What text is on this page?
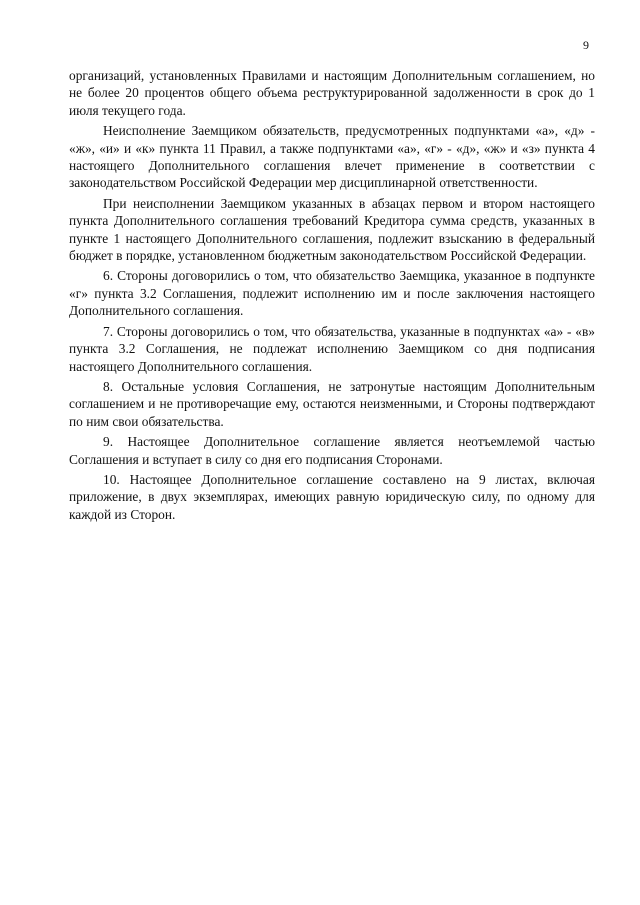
9

организаций, установленных Правилами и настоящим Дополнительным соглашением, но не более 20 процентов общего объема реструктурированной задолженности в срок до 1 июля текущего года.

Неисполнение Заемщиком обязательств, предусмотренных подпунктами «а», «д» - «ж», «и» и «к» пункта 11 Правил, а также подпунктами «а», «г» - «д», «ж» и «з» пункта 4 настоящего Дополнительного соглашения влечет применение в соответствии с законодательством Российской Федерации мер дисциплинарной ответственности.

При неисполнении Заемщиком указанных в абзацах первом и втором настоящего пункта Дополнительного соглашения требований Кредитора сумма средств, указанных в пункте 1 настоящего Дополнительного соглашения, подлежит взысканию в федеральный бюджет в порядке, установленном бюджетным законодательством Российской Федерации.

6. Стороны договорились о том, что обязательство Заемщика, указанное в подпункте «г» пункта 3.2 Соглашения, подлежит исполнению им и после заключения настоящего Дополнительного соглашения.

7. Стороны договорились о том, что обязательства, указанные в подпунктах «а» - «в» пункта 3.2 Соглашения, не подлежат исполнению Заемщиком со дня подписания настоящего Дополнительного соглашения.

8. Остальные условия Соглашения, не затронутые настоящим Дополнительным соглашением и не противоречащие ему, остаются неизменными, и Стороны подтверждают по ним свои обязательства.

9. Настоящее Дополнительное соглашение является неотъемлемой частью Соглашения и вступает в силу со дня его подписания Сторонами.

10. Настоящее Дополнительное соглашение составлено на 9 листах, включая приложение, в двух экземплярах, имеющих равную юридическую силу, по одному для каждой из Сторон.
